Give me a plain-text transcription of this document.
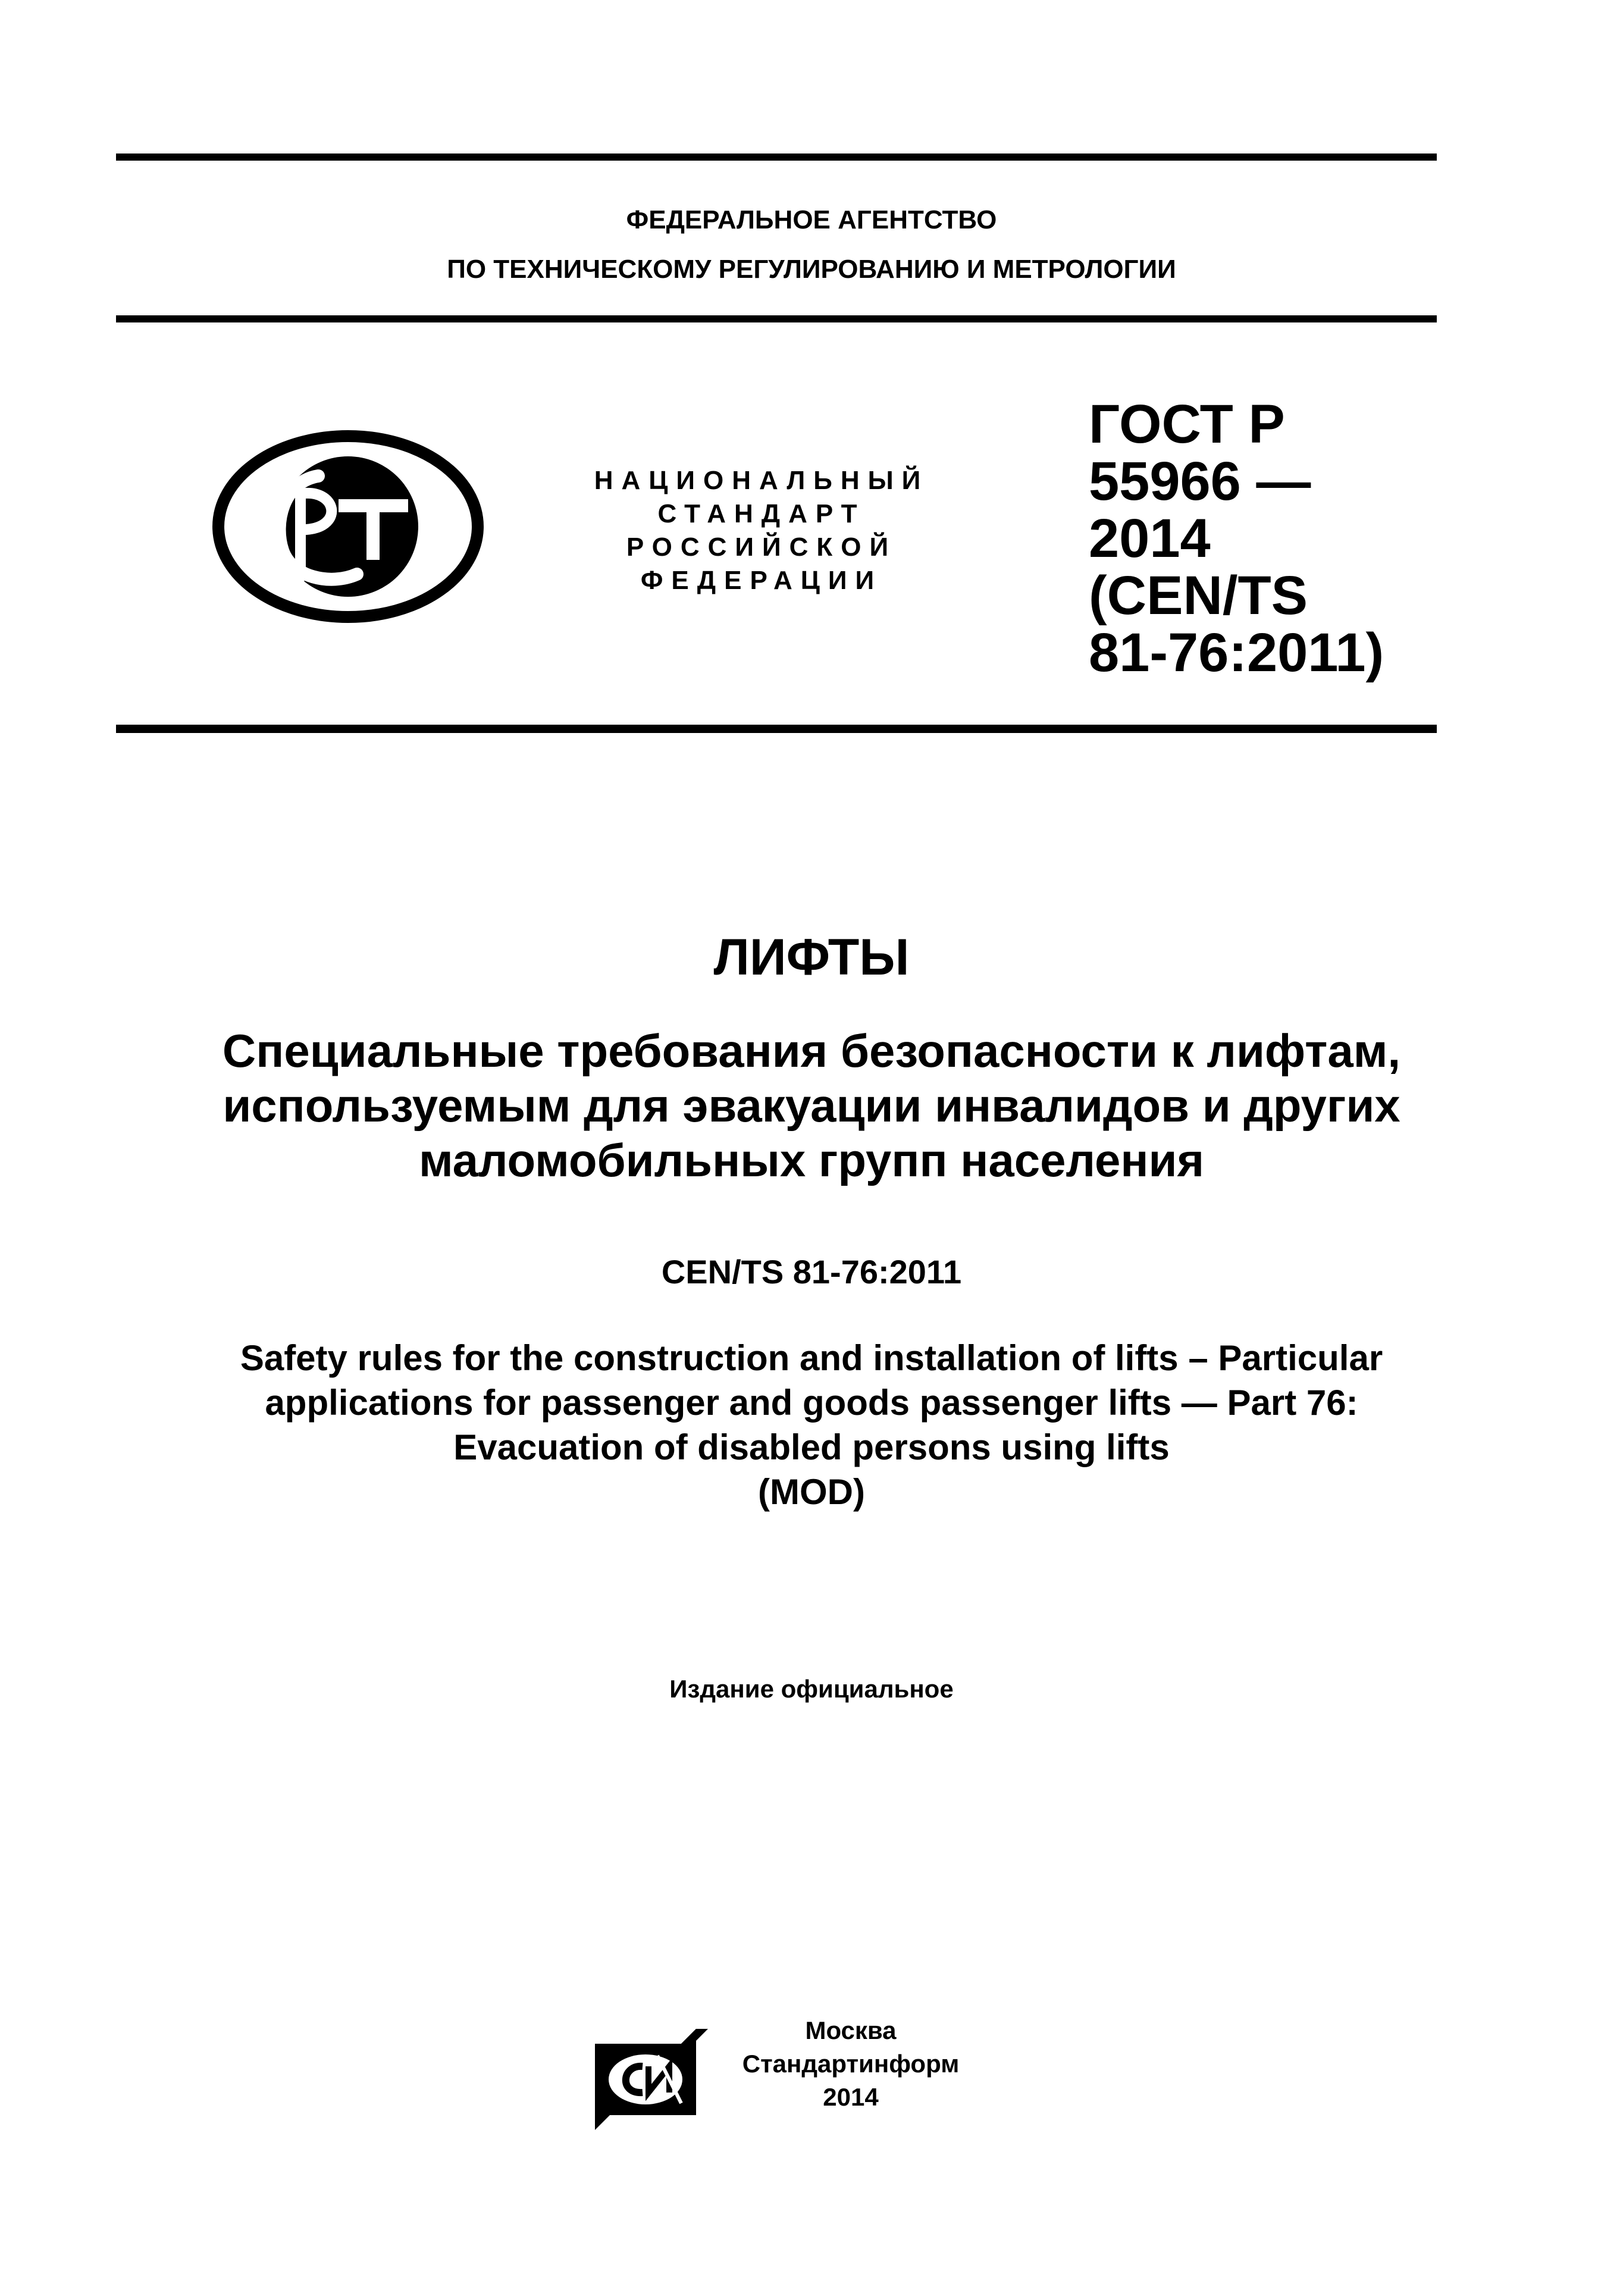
ФЕДЕРАЛЬНОЕ АГЕНТСТВО
ПО ТЕХНИЧЕСКОМУ РЕГУЛИРОВАНИЮ И МЕТРОЛОГИИ
НАЦИОНАЛЬНЫЙ
СТАНДАРТ
РОССИЙСКОЙ
ФЕДЕРАЦИИ
ГОСТ Р
55966 —
2014
(CEN/TS
81-76:2011)
ЛИФТЫ
Специальные требования безопасности к лифтам,
используемым для эвакуации инвалидов и других
маломобильных групп населения
CEN/TS 81-76:2011
Safety rules for the construction and installation of lifts – Particular
applications for passenger and goods passenger lifts — Part 76:
Evacuation of disabled persons using lifts
(MOD)
Издание официальное
Москва
Стандартинформ
2014
